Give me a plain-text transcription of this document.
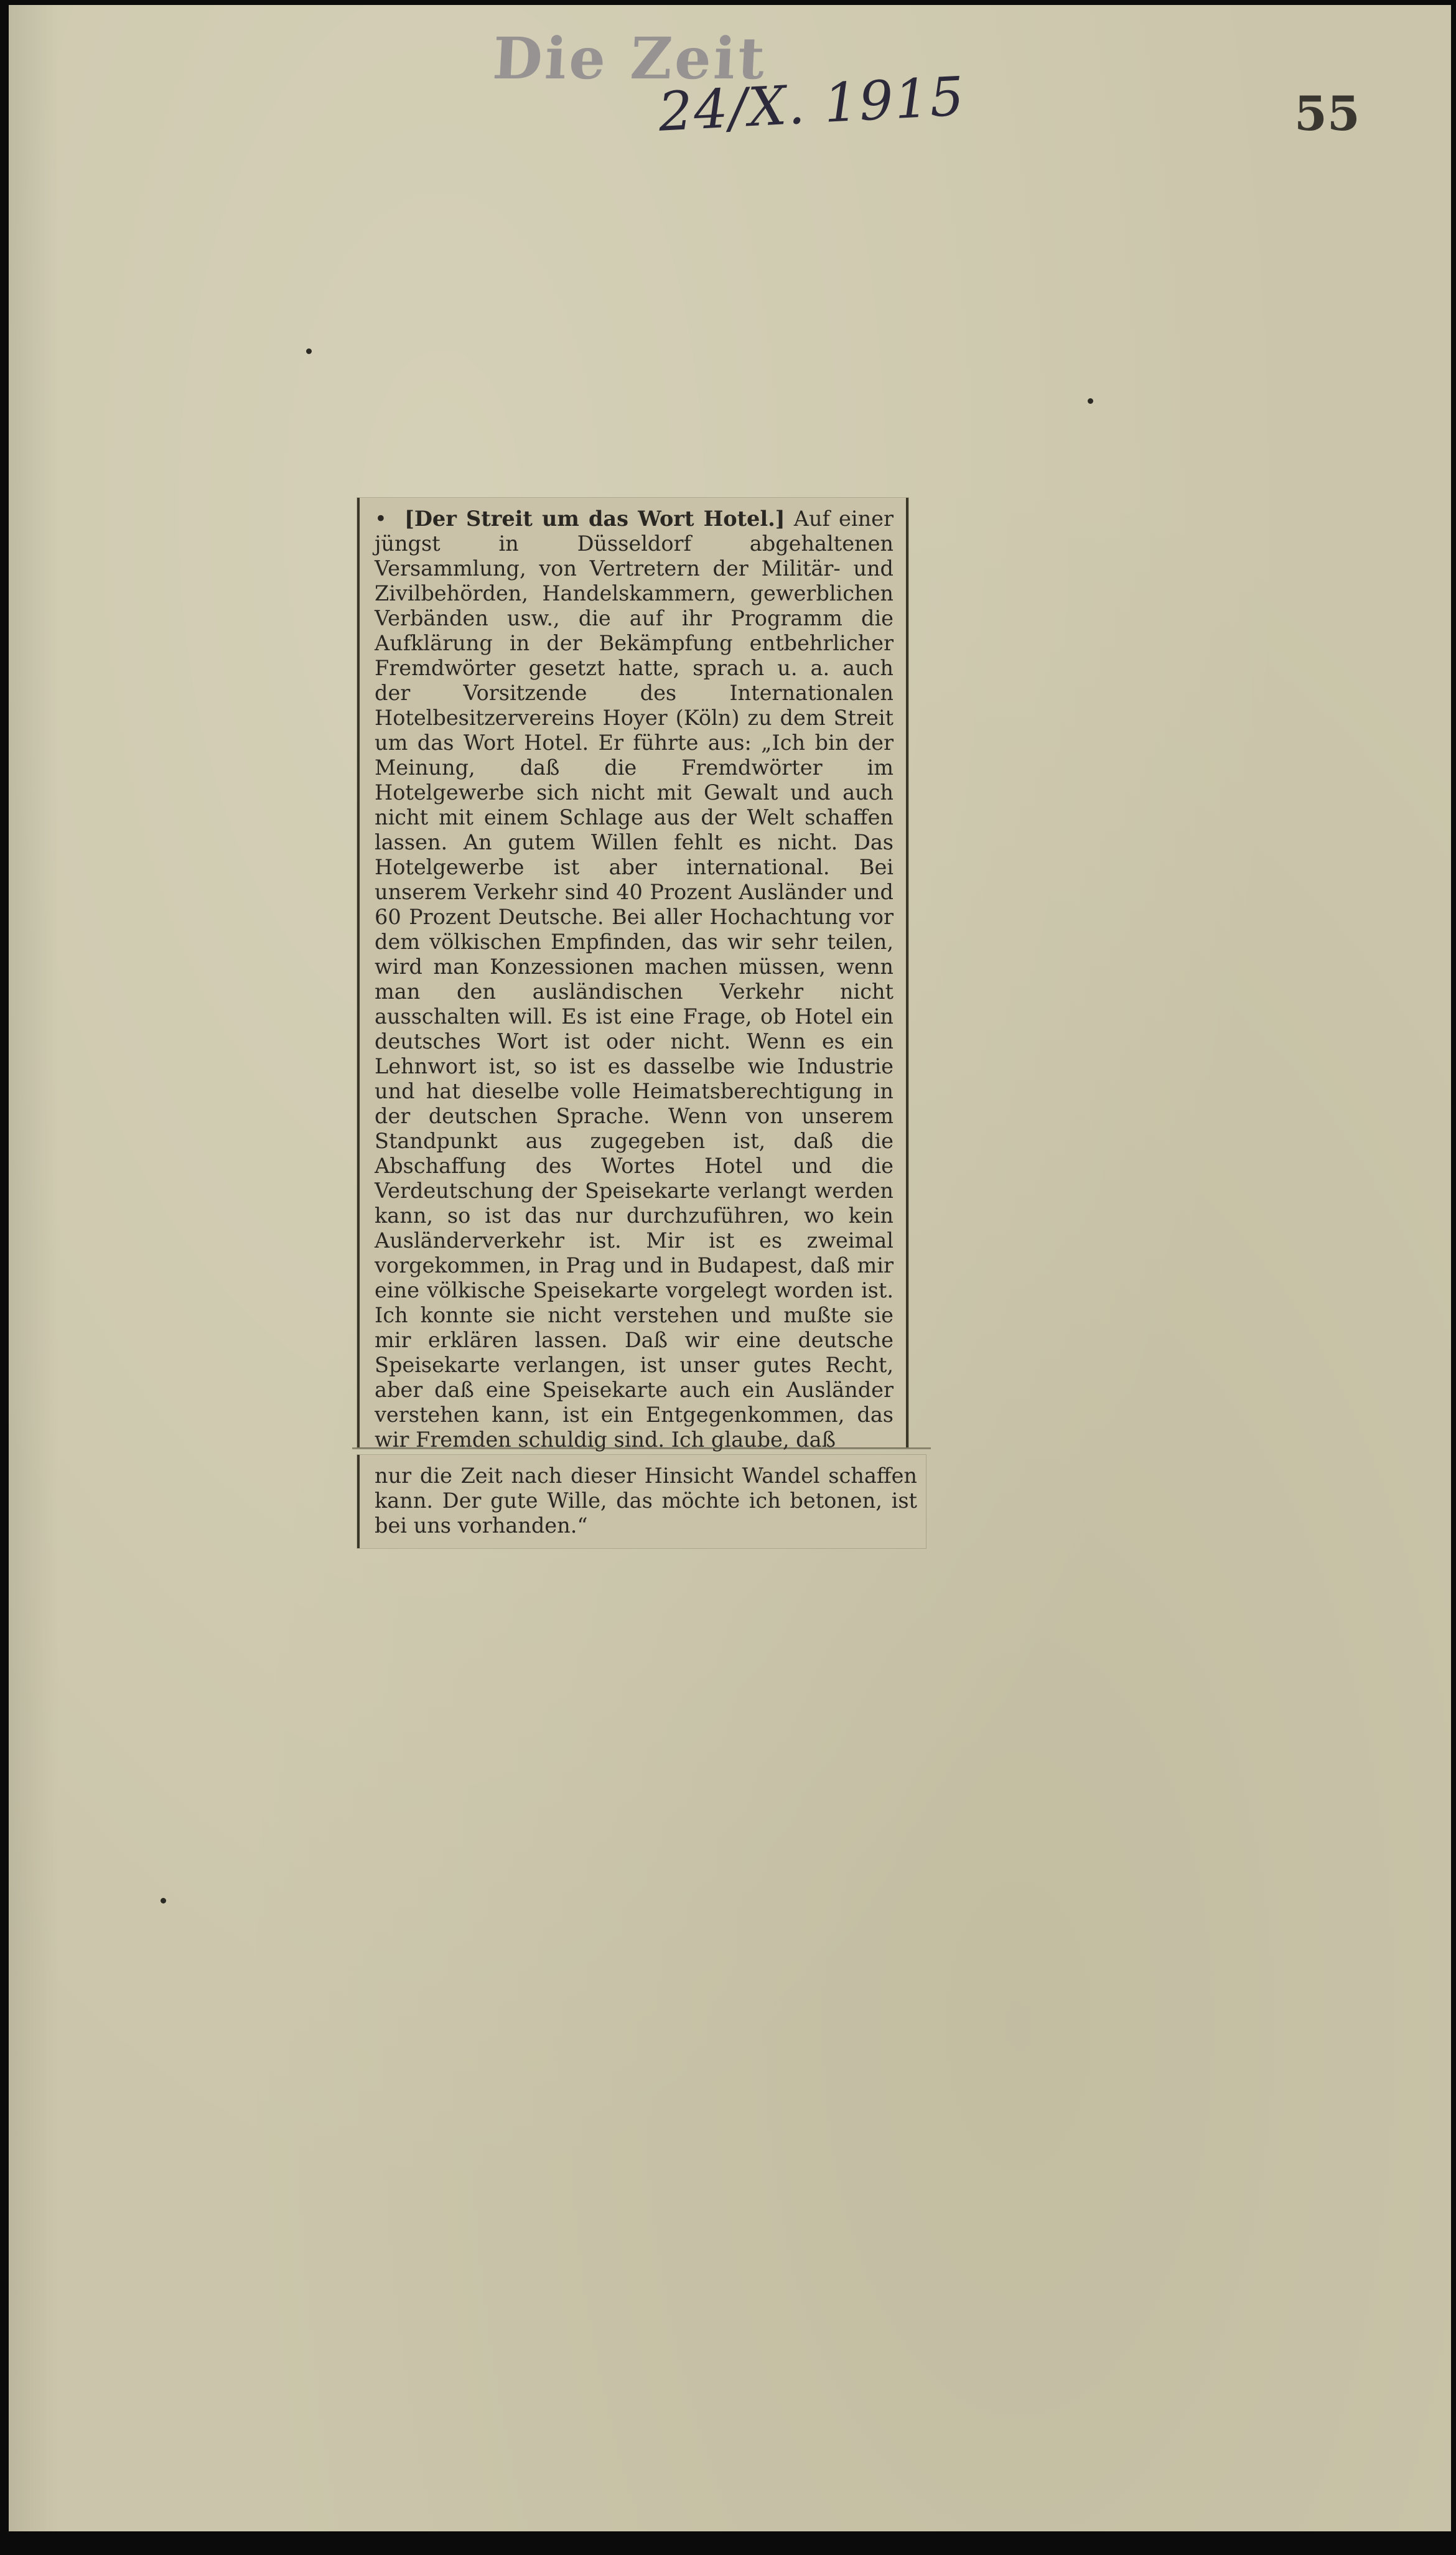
Die Zeit
24/X. 1915	55

•  [Der Streit um das Wort Hotel.] Auf einer jüngst in Düsseldorf abgehaltenen Versammlung, von Vertretern der Militär- und Zivilbehörden, Handelskammern, gewerblichen Verbänden usw., die auf ihr Programm die Aufklärung in der Bekämpfung entbehrlicher Fremdwörter gesetzt hatte, sprach u. a. auch der Vorsitzende des Internationalen Hotelbesitzervereins Hoyer (Köln) zu dem Streit um das Wort Hotel. Er führte aus: „Ich bin der Meinung, daß die Fremdwörter im Hotelgewerbe sich nicht mit Gewalt und auch nicht mit einem Schlage aus der Welt schaffen lassen. An gutem Willen fehlt es nicht. Das Hotelgewerbe ist aber international. Bei unserem Verkehr sind 40 Prozent Ausländer und 60 Prozent Deutsche. Bei aller Hochachtung vor dem völkischen Empfinden, das wir sehr teilen, wird man Konzessionen machen müssen, wenn man den ausländischen Verkehr nicht ausschalten will. Es ist eine Frage, ob Hotel ein deutsches Wort ist oder nicht. Wenn es ein Lehnwort ist, so ist es dasselbe wie Industrie und hat dieselbe volle Heimatsberechtigung in der deutschen Sprache. Wenn von unserem Standpunkt aus zugegeben ist, daß die Abschaffung des Wortes Hotel und die Verdeutschung der Speisekarte verlangt werden kann, so ist das nur durchzuführen, wo kein Ausländerverkehr ist. Mir ist es zweimal vorgekommen, in Prag und in Budapest, daß mir eine völkische Speisekarte vorgelegt worden ist. Ich konnte sie nicht verstehen und mußte sie mir erklären lassen. Daß wir eine deutsche Speisekarte verlangen, ist unser gutes Recht, aber daß eine Speisekarte auch ein Ausländer verstehen kann, ist ein Entgegenkommen, das wir Fremden schuldig sind. Ich glaube, daß

nur die Zeit nach dieser Hinsicht Wandel schaffen kann. Der gute Wille, das möchte ich betonen, ist bei uns vorhanden.“
